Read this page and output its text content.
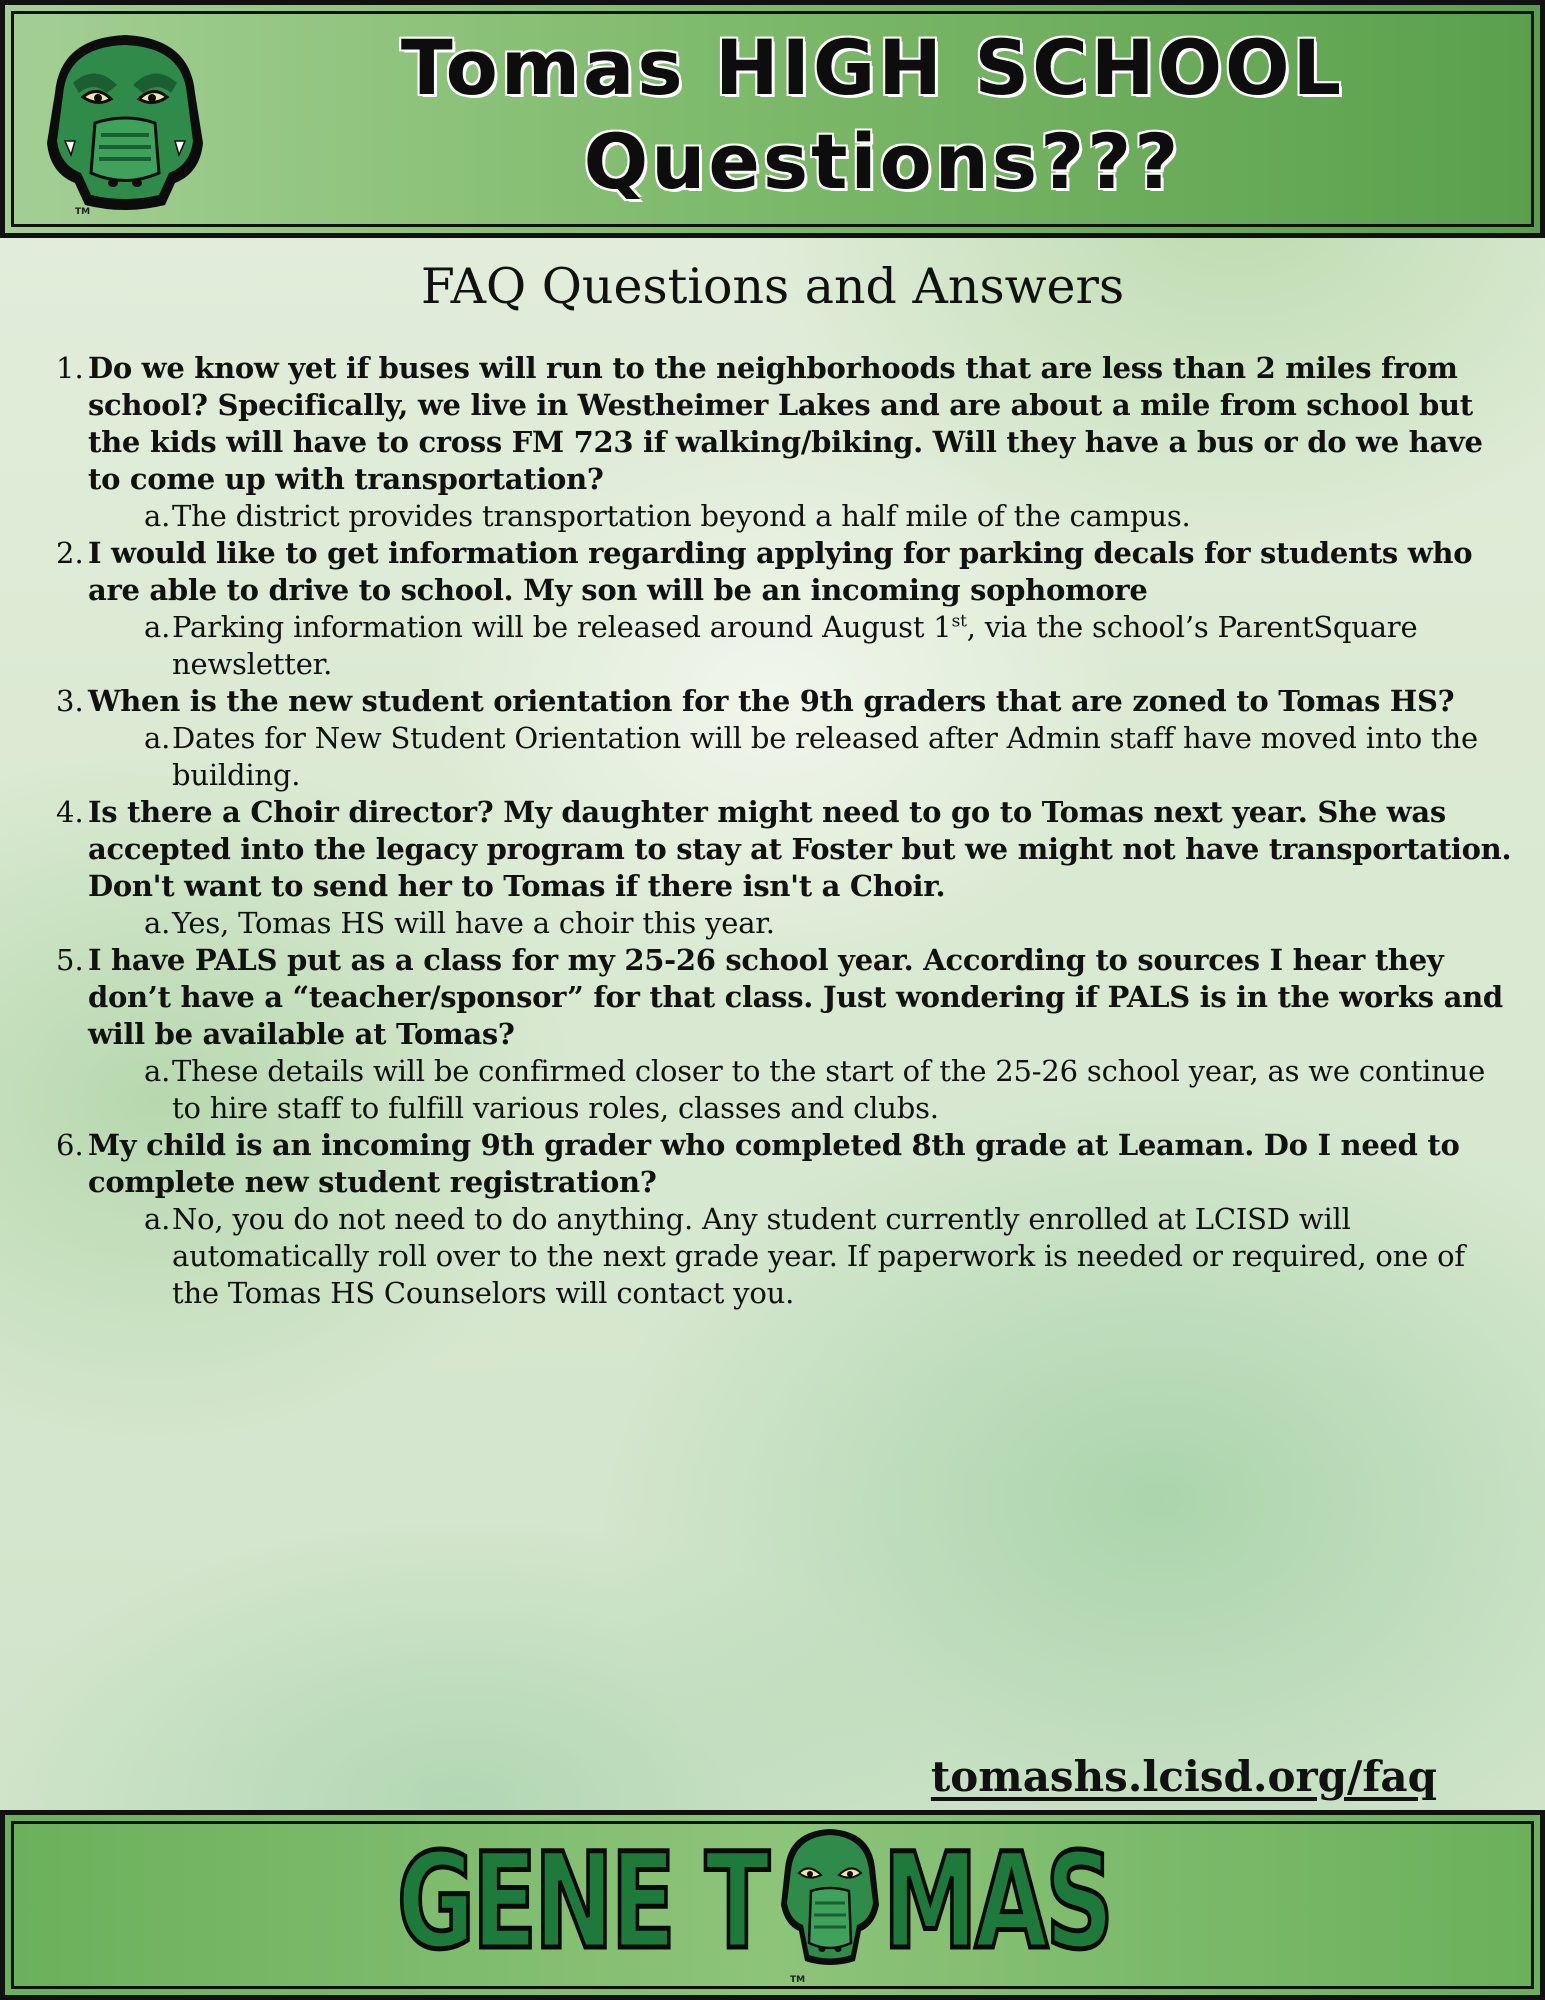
TM
Tomas HIGH SCHOOL
Questions???
FAQ Questions and Answers
1. Do we know yet if buses will run to the neighborhoods that are less than 2 miles from school? Specifically, we live in Westheimer Lakes and are about a mile from school but the kids will have to cross FM 723 if walking/biking. Will they have a bus or do we have to come up with transportation?
a. The district provides transportation beyond a half mile of the campus.
2. I would like to get information regarding applying for parking decals for students who are able to drive to school. My son will be an incoming sophomore
a. Parking information will be released around August 1st, via the school’s ParentSquare newsletter.
3. When is the new student orientation for the 9th graders that are zoned to Tomas HS?
a. Dates for New Student Orientation will be released after Admin staff have moved into the building.
4. Is there a Choir director? My daughter might need to go to Tomas next year. She was accepted into the legacy program to stay at Foster but we might not have transportation. Don't want to send her to Tomas if there isn't a Choir.
a. Yes, Tomas HS will have a choir this year.
5. I have PALS put as a class for my 25-26 school year. According to sources I hear they don’t have a “teacher/sponsor” for that class. Just wondering if PALS is in the works and will be available at Tomas?
a. These details will be confirmed closer to the start of the 25-26 school year, as we continue to hire staff to fulfill various roles, classes and clubs.
6. My child is an incoming 9th grader who completed 8th grade at Leaman. Do I need to complete new student registration?
a. No, you do not need to do anything. Any student currently enrolled at LCISD will automatically roll over to the next grade year. If paperwork is needed or required, one of the Tomas HS Counselors will contact you.
tomashs.lcisd.org/faq
GENE T
TM
MAS
